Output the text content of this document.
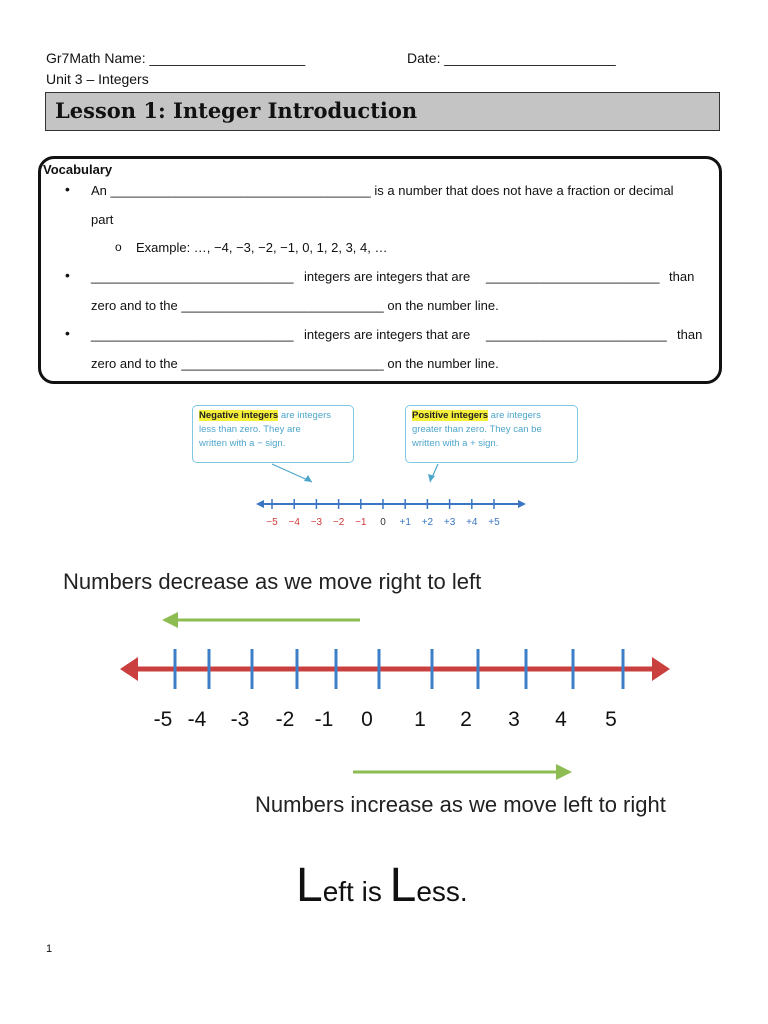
Gr7Math Name: ____________________	Date: ______________________
Unit 3 – Integers
Lesson 1: Integer Introduction
Vocabulary
• An ____________________________________ is a number that does not have a fraction or decimal
part
o Example: …, −4, −3, −2, −1, 0, 1, 2, 3, 4, …
• ____________________________ integers are integers that are ________________________ than
zero and to the ____________________________ on the number line.
• ____________________________ integers are integers that are _________________________ than
zero and to the ____________________________ on the number line.
Negative integers are integers
less than zero. They are
written with a − sign.
Positive integers are integers
greater than zero. They can be
written with a + sign.
−5 −4 −3 −2 −1 0 +1 +2 +3 +4 +5
Numbers decrease as we move right to left
-5 -4 -3 -2 -1 0 1 2 3 4 5
Numbers increase as we move left to right
Left is Less.
1
